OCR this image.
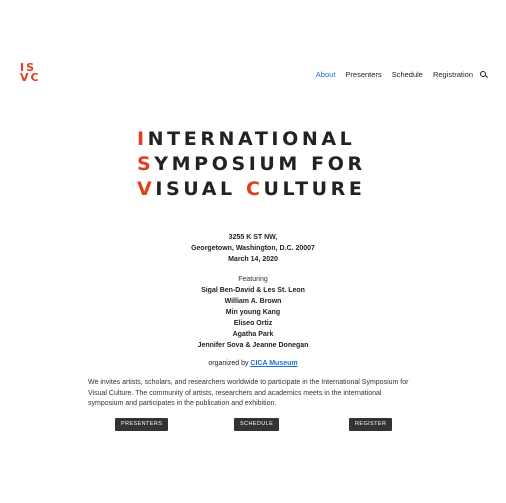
IS
VC	About Presenters Schedule Registration
INTERNATIONAL
SYMPOSIUM FOR
VISUAL CULTURE
3255 K ST NW,
Georgetown, Washington, D.C. 20007
March 14, 2020
Featuring
Sigal Ben-David & Les St. Leon
William A. Brown
Min young Kang
Eliseo Ortiz
Agatha Park
Jennifer Sova & Jeanne Donegan
organized by CICA Museum
We invites artists, scholars, and researchers worldwide to participate in the International Symposium for Visual Culture. The community of artists, researchers and academics meets in the international symposium and participates in the publication and exhibition.
PRESENTERS	SCHEDULE	REGISTER
